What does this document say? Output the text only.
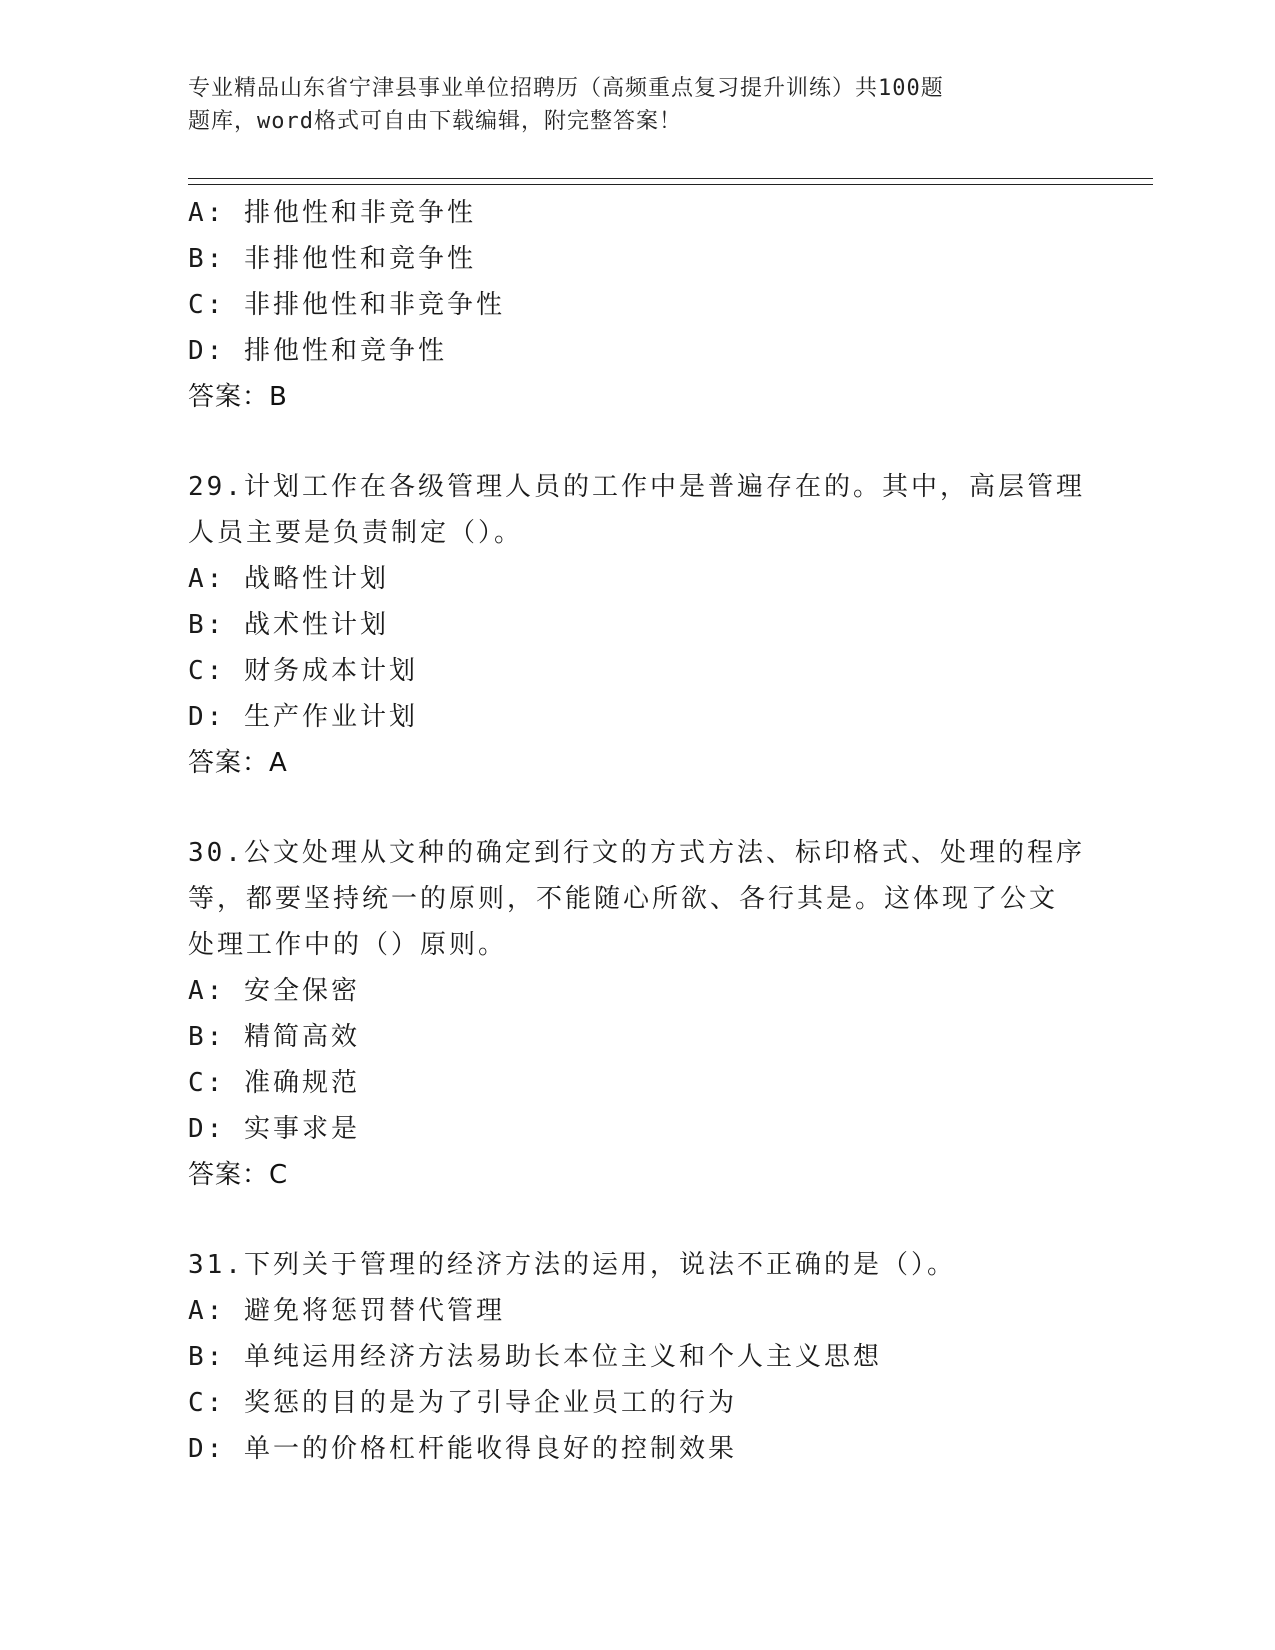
专业精品山东省宁津县事业单位招聘历（高频重点复习提升训练）共100题
题库，word格式可自由下载编辑，附完整答案！
A: 排他性和非竞争性
B: 非排他性和竞争性
C: 非排他性和非竞争性
D: 排他性和竞争性
答案：B
29.计划工作在各级管理人员的工作中是普遍存在的。其中，高层管理
人员主要是负责制定（）。
A: 战略性计划
B: 战术性计划
C: 财务成本计划
D: 生产作业计划
答案：A
30.公文处理从文种的确定到行文的方式方法、标印格式、处理的程序
等，都要坚持统一的原则，不能随心所欲、各行其是。这体现了公文
处理工作中的（）原则。
A: 安全保密
B: 精简高效
C: 准确规范
D: 实事求是
答案：C
31.下列关于管理的经济方法的运用，说法不正确的是（）。
A: 避免将惩罚替代管理
B: 单纯运用经济方法易助长本位主义和个人主义思想
C: 奖惩的目的是为了引导企业员工的行为
D: 单一的价格杠杆能收得良好的控制效果
